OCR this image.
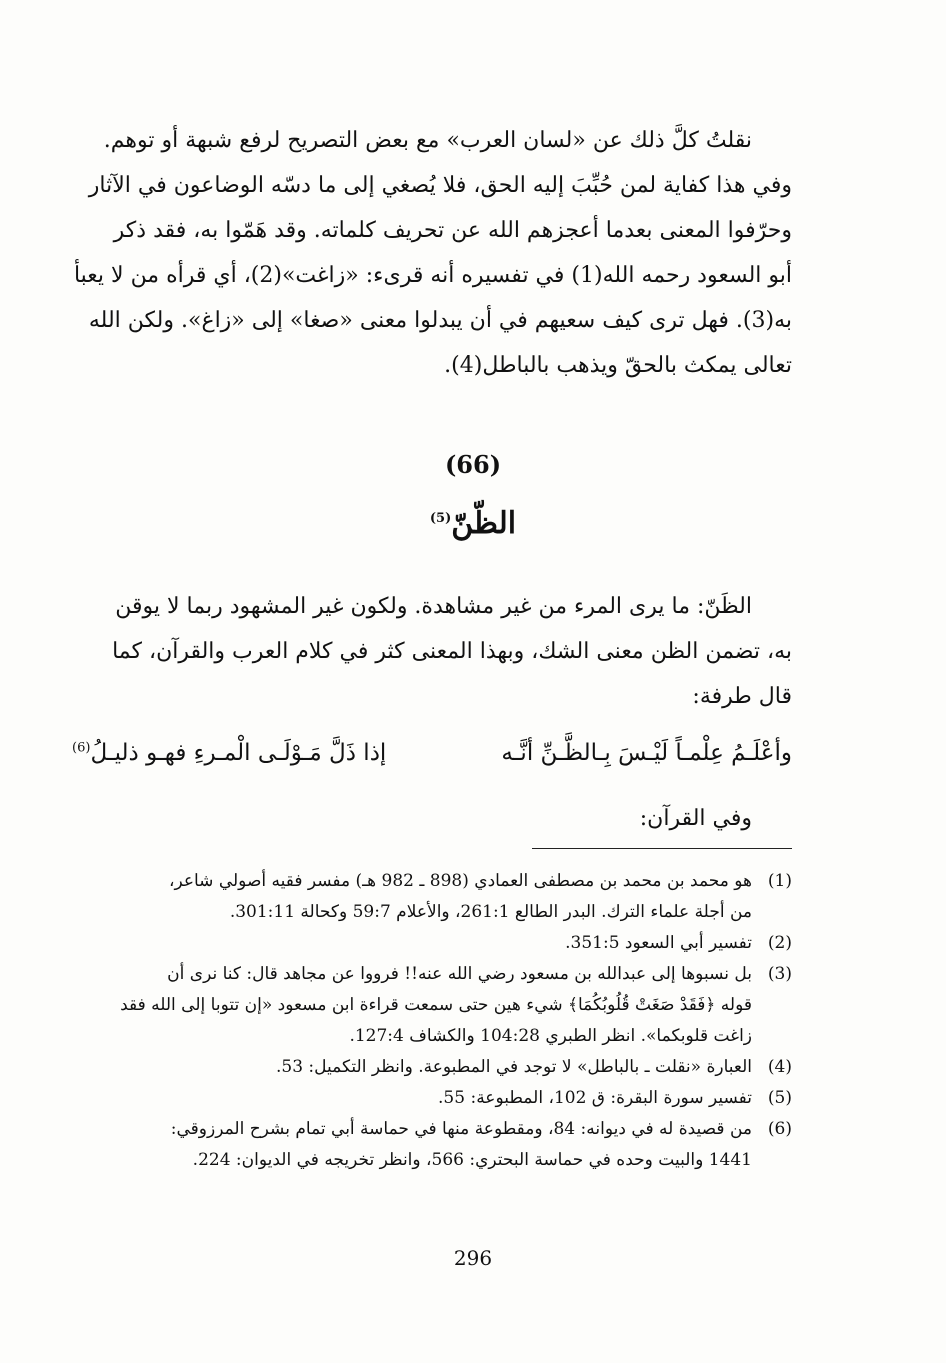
نقلتُ كلَّ ذلك عن «لسان العرب» مع بعض التصريح لرفع شبهة أو توهم.

وفي هذا كفاية لمن حُبِّبَ إليه الحق، فلا يُصغي إلى ما دسّه الوضاعون في الآثار

وحرّفوا المعنى بعدما أعجزهم الله عن تحريف كلماته. وقد هَمّوا به، فقد ذكر

أبو السعود رحمه الله(1) في تفسيره أنه قرىء: «زاغت»(2)، أي قرأه من لا يعبأ

به(3). فهل ترى كيف سعيهم في أن يبدلوا معنى «صغا» إلى «زاغ». ولكن الله

تعالى يمكث بالحقّ ويذهب بالباطل(4).

(66)
الظّنّ$^{(5)}$

الظَنّ: ما يرى المرء من غير مشاهدة. ولكون غير المشهود ربما لا يوقن

به، تضمن الظن معنى الشك، وبهذا المعنى كثر في كلام العرب والقرآن، كما

قال طرفة:

وأعْلَـمُ عِلْمـاً لَيْـسَ بِـالظَّـنِّ أنَّـه
إذا ذَلَّ مَـوْلَـى الْمـرءِ فهـو ذليـلُ$^{(6)}$

وفي القرآن:

(1)
هو محمد بن محمد بن مصطفى العمادي (898 ـ 982 هـ) مفسر فقيه أصولي شاعر،
من أجلة علماء الترك. البدر الطالع 261:1، والأعلام 59:7 وكحالة 301:11.
(2)
تفسير أبي السعود 351:5.
(3)
بل نسبوها إلى عبدالله بن مسعود رضي الله عنه!! فرووا عن مجاهد قال: كنا نرى أن
قوله ﴿فَقَدْ صَغَتْ قُلُوبُكُمَا﴾ شيء هين حتى سمعت قراءة ابن مسعود «إن تتوبا إلى الله فقد
زاغت قلوبكما». انظر الطبري 104:28 والكشاف 127:4.
(4)
العبارة «نقلت ـ بالباطل» لا توجد في المطبوعة. وانظر التكميل: 53.
(5)
تفسير سورة البقرة: ق 102، المطبوعة: 55.
(6)
من قصيدة له في ديوانه: 84، ومقطوعة منها في حماسة أبي تمام بشرح المرزوقي:
1441 والبيت وحده في حماسة البحتري: 566، وانظر تخريجه في الديوان: 224.
296
